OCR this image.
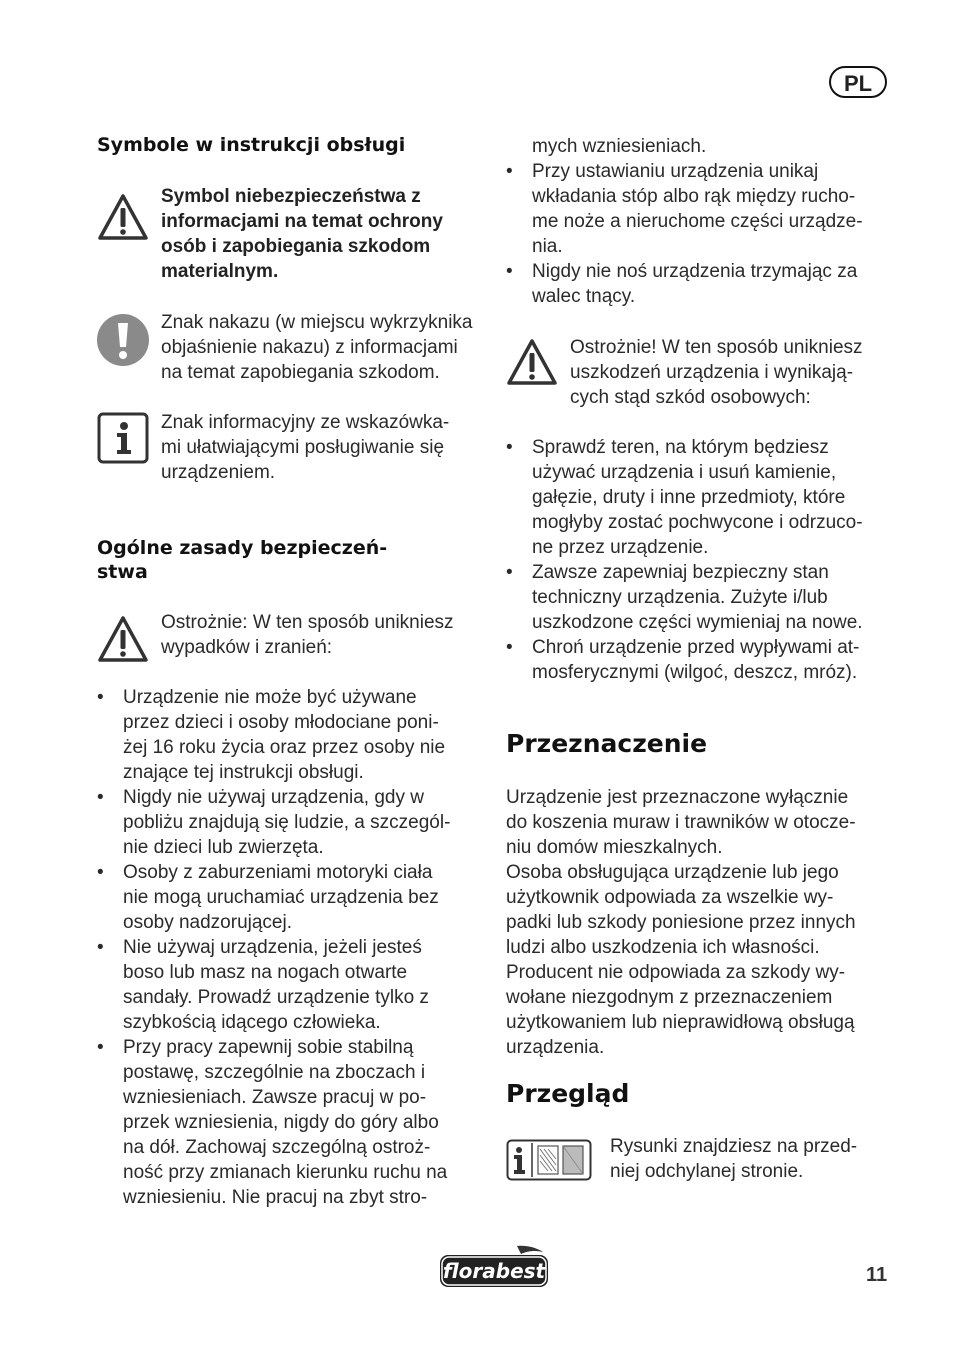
PL
Symbole w instrukcji obsługi
Symbol niebezpieczeństwa z
informacjami na temat ochrony
osób i zapobiegania szkodom
materialnym.
Znak nakazu (w miejscu wykrzyknika
objaśnienie nakazu) z informacjami
na temat zapobiegania szkodom.
Znak informacyjny ze wskazówka-
mi ułatwiającymi posługiwanie się
urządzeniem.
Ogólne zasady bezpieczeń-
stwa
Ostrożnie: W ten sposób unikniesz
wypadków i zranień:
• Urządzenie nie może być używane
przez dzieci i osoby młodociane poni-
żej 16 roku życia oraz przez osoby nie
znające tej instrukcji obsługi.
• Nigdy nie używaj urządzenia, gdy w
pobliżu znajdują się ludzie, a szczegól-
nie dzieci lub zwierzęta.
• Osoby z zaburzeniami motoryki ciała
nie mogą uruchamiać urządzenia bez
osoby nadzorującej.
• Nie używaj urządzenia, jeżeli jesteś
boso lub masz na nogach otwarte
sandały. Prowadź urządzenie tylko z
szybkością idącego człowieka.
• Przy pracy zapewnij sobie stabilną
postawę, szczególnie na zboczach i
wzniesieniach. Zawsze pracuj w po-
przek wzniesienia, nigdy do góry albo
na dół. Zachowaj szczególną ostroż-
ność przy zmianach kierunku ruchu na
wzniesieniu. Nie pracuj na zbyt stro-
mych wzniesieniach.
• Przy ustawianiu urządzenia unikaj
wkładania stóp albo rąk między rucho-
me noże a nieruchome części urządze-
nia.
• Nigdy nie noś urządzenia trzymając za
walec tnący.
Ostrożnie! W ten sposób unikniesz
uszkodzeń urządzenia i wynikają-
cych stąd szkód osobowych:
• Sprawdź teren, na którym będziesz
używać urządzenia i usuń kamienie,
gałęzie, druty i inne przedmioty, które
mogłyby zostać pochwycone i odrzuco-
ne przez urządzenie.
• Zawsze zapewniaj bezpieczny stan
techniczny urządzenia. Zużyte i/lub
uszkodzone części wymieniaj na nowe.
• Chroń urządzenie przed wypływami at-
mosferycznymi (wilgoć, deszcz, mróz).
Przeznaczenie
Urządzenie jest przeznaczone wyłącznie
do koszenia muraw i trawników w otocze-
niu domów mieszkalnych.
Osoba obsługująca urządzenie lub jego
użytkownik odpowiada za wszelkie wy-
padki lub szkody poniesione przez innych
ludzi albo uszkodzenia ich własności.
Producent nie odpowiada za szkody wy-
wołane niezgodnym z przeznaczeniem
użytkowaniem lub nieprawidłową obsługą
urządzenia.
Przegląd
Rysunki znajdziesz na przed-
niej odchylanej stronie.
florabest	11
